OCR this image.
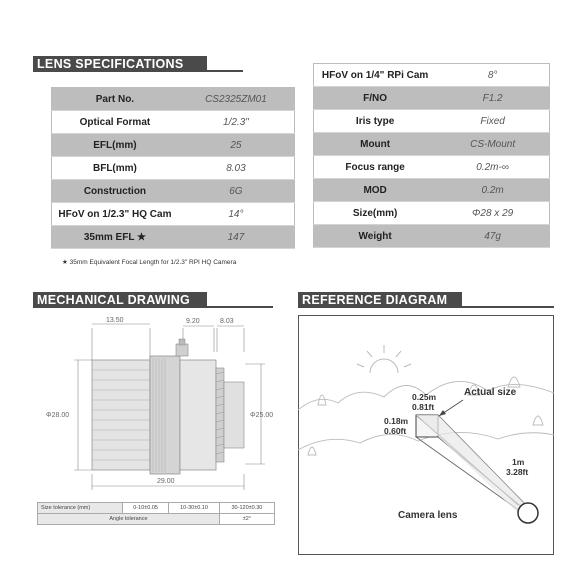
LENS SPECIFICATIONS
Part No.	CS2325ZM01
Optical Format	1/2.3"
EFL(mm)	25
BFL(mm)	8.03
Construction	6G
HFoV on 1/2.3" HQ Cam	14°
35mm EFL ★	147
★ 35mm Equivalent Focal Length for 1/2.3" RPI HQ Camera
HFoV on 1/4" RPi Cam	8°
F/NO	F1.2
Iris type	Fixed
Mount	CS-Mount
Focus range	0.2m-∞
MOD	0.2m
Size(mm)	Φ28 x 29
Weight	47g
MECHANICAL DRAWING	REFERENCE DIAGRAM
13.50	9.20	8.03
Φ28.00	Φ25.00
29.00
Size tolerance (mm)	0-10±0.05	10-30±0.10	30-120±0.30
Angle tolerance			±2°
Actual size
0.25m
0.81ft
0.18m
0.60ft
1m
3.28ft
Camera lens
